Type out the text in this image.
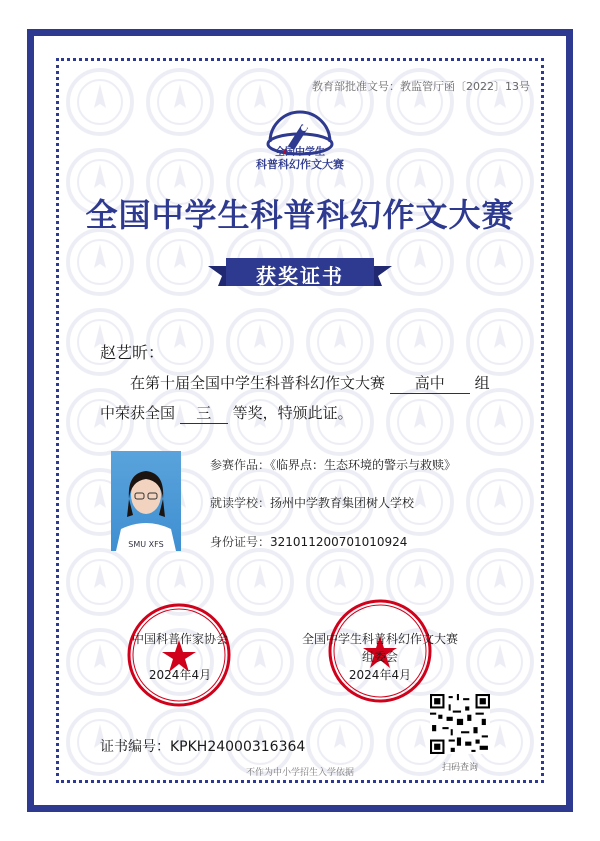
教育部批准文号：教监管厅函〔2022〕13号
全国中学生
科普科幻作文大赛
全国中学生科普科幻作文大赛
获奖证书
赵艺昕：
在第十届全国中学生科普科幻作文大赛 高中 组
中荣获全国 三 等奖，特颁此证。
SMU XFS
参赛作品：《临界点：生态环境的警示与救赎》
就读学校：扬州中学教育集团树人学校
身份证号：321011200701010924
中国科普作家协会
2024年4月
全国中学生科普科幻作文大赛
组委会
2024年4月
扫码查询
证书编号：KPKH24000316364
不作为中小学招生入学依据
